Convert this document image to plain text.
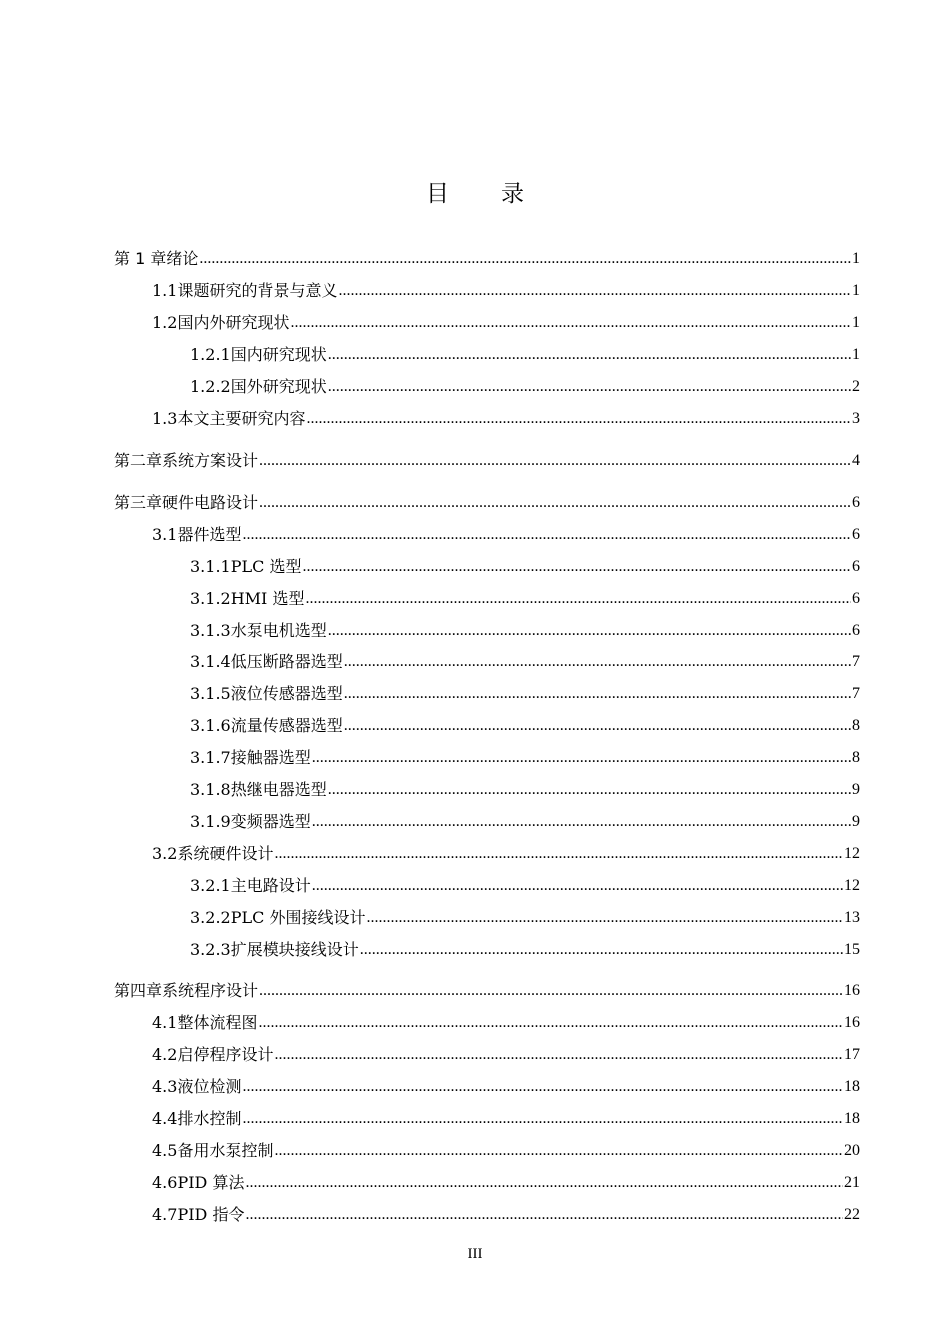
目 录
第 1 章 绪论 .....	1
1.1 课题研究的背景与意义 .....	1
1.2 国内外研究现状 .....	1
1.2.1 国内研究现状 .....	1
1.2.2 国外研究现状 .....	2
1.3 本文主要研究内容 .....	3
第二章 系统方案设计 .....	4
第三章 硬件电路设计 .....	6
3.1 器件选型 .....	6
3.1.1 PLC 选型 .....	6
3.1.2 HMI 选型 .....	6
3.1.3 水泵电机选型 .....	6
3.1.4 低压断路器选型 .....	7
3.1.5 液位传感器选型 .....	7
3.1.6 流量传感器选型 .....	8
3.1.7 接触器选型 .....	8
3.1.8 热继电器选型 .....	9
3.1.9 变频器选型 .....	9
3.2 系统硬件设计 .....	12
3.2.1 主电路设计 .....	12
3.2.2 PLC 外围接线设计 .....	13
3.2.3 扩展模块接线设计 .....	15
第四章 系统程序设计 .....	16
4.1 整体流程图 .....	16
4.2 启停程序设计 .....	17
4.3 液位检测 .....	18
4.4 排水控制 .....	18
4.5 备用水泵控制 .....	20
4.6 PID 算法 .....	21
4.7 PID 指令 .....	22
III
